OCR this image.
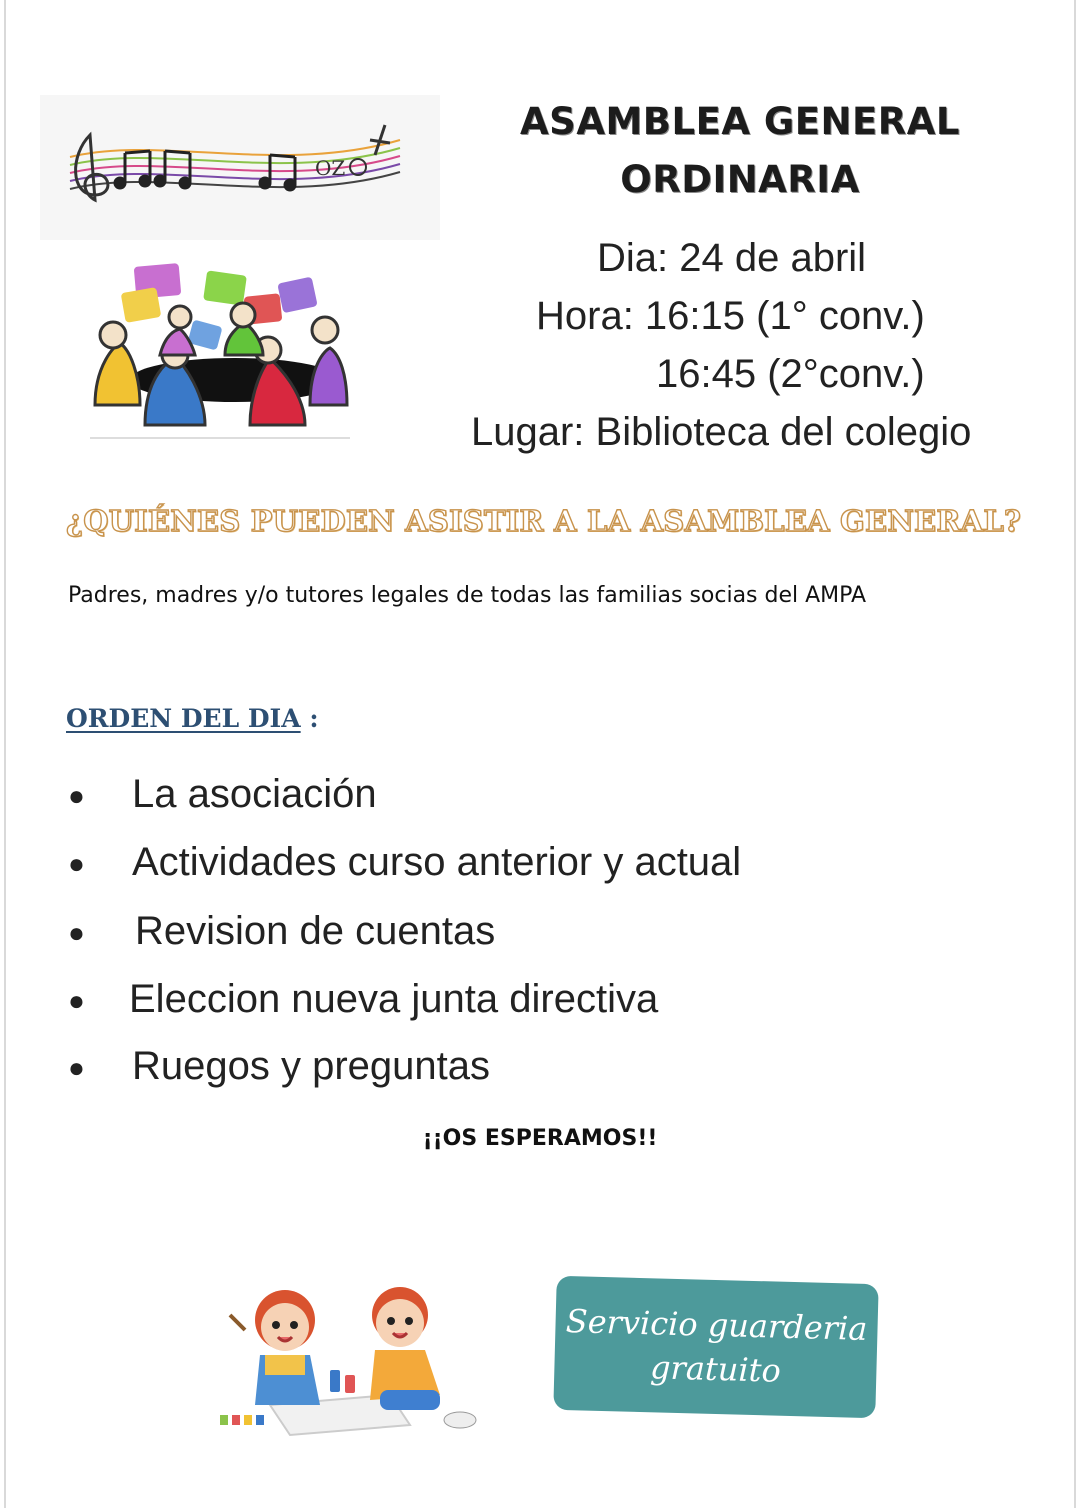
OZ
ASAMBLEA GENERAL
ORDINARIA
Dia: 24 de abril
Hora: 16:15 (1° conv.)
16:45 (2°conv.)
Lugar: Biblioteca del colegio
¿QUIÉNES PUEDEN ASISTIR A LA ASAMBLEA GENERAL?
Padres, madres y/o tutores legales de todas las familias socias del AMPA
ORDEN DEL DIA :
● La asociación
● Actividades curso anterior y actual
● Revision de cuentas
● Eleccion nueva junta directiva
● Ruegos y preguntas
¡¡OS ESPERAMOS!!
Servicio guarderia
gratuito
